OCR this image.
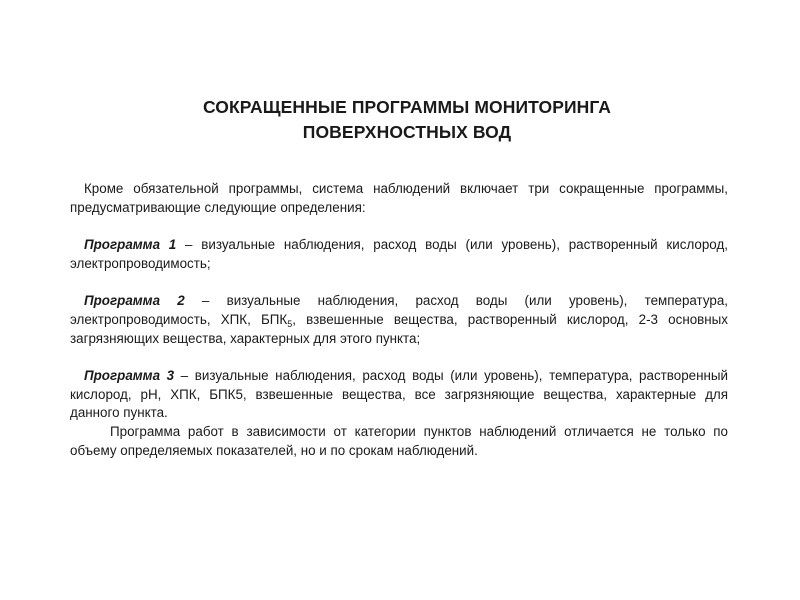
СОКРАЩЕННЫЕ ПРОГРАММЫ МОНИТОРИНГА
ПОВЕРХНОСТНЫХ ВОД

Кроме обязательной программы, система наблюдений включает три сокращенные программы, предусматривающие следующие определения:

Программа 1 – визуальные наблюдения, расход воды (или уровень), растворенный кислород, электропроводимость;

Программа 2 – визуальные наблюдения, расход воды (или уровень), температура, электропроводимость, ХПК, $БПК_5$, взвешенные вещества, растворенный кислород, 2-3 основных загрязняющих вещества, характерных для этого пункта;

Программа 3 – визуальные наблюдения, расход воды (или уровень), температура, растворенный кислород, рН, ХПК, БПК5, взвешенные вещества, все загрязняющие вещества, характерные для данного пункта.

Программа работ в зависимости от категории пунктов наблюдений отличается не только по объему определяемых показателей, но и по срокам наблюдений.
